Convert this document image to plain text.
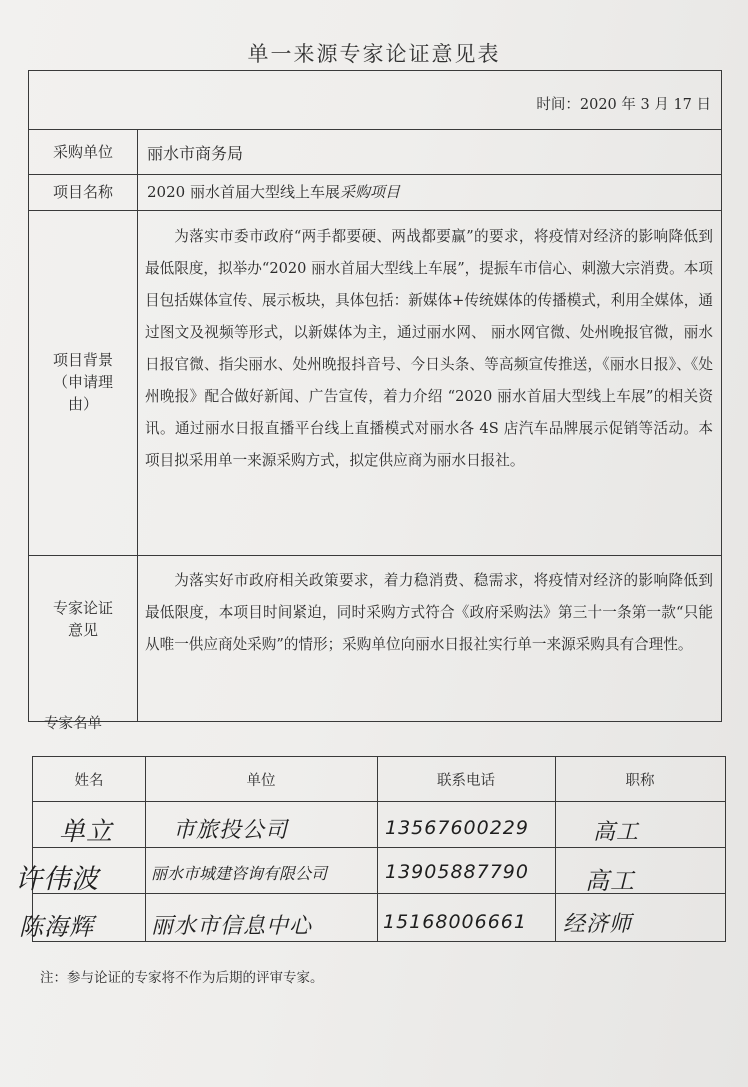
单一来源专家论证意见表
时间：2020 年 3 月 17 日
采购单位	丽水市商务局
项目名称	2020 丽水首届大型线上车展采购项目
项目背景（申请理由）
为落实市委市政府“两手都要硬、两战都要赢”的要求，将疫情对经济的影响降低到最低限度，拟举办“2020 丽水首届大型线上车展”，提振车市信心、刺激大宗消费。本项目包括媒体宣传、展示板块，具体包括：新媒体+传统媒体的传播模式，利用全媒体，通过图文及视频等形式，以新媒体为主，通过丽水网、 丽水网官微、处州晚报官微，丽水日报官微、指尖丽水、处州晚报抖音号、今日头条、等高频宣传推送，《丽水日报》、《处州晚报》配合做好新闻、广告宣传，着力介绍 “2020 丽水首届大型线上车展”的相关资讯。通过丽水日报直播平台线上直播模式对丽水各 4S 店汽车品牌展示促销等活动。本项目拟采用单一来源采购方式，拟定供应商为丽水日报社。
专家论证意见
为落实好市政府相关政策要求，着力稳消费、稳需求，将疫情对经济的影响降低到最低限度，本项目时间紧迫，同时采购方式符合《政府采购法》第三十一条第一款“只能从唯一供应商处采购”的情形；采购单位向丽水日报社实行单一来源采购具有合理性。
专家名单
姓名	单位	联系电话	职称
单立	市旅投公司	13567600229	高工
许伟波	丽水市城建咨询有限公司	13905887790 高工
陈海辉	丽水市信息中心	15168006661 经济师
注：参与论证的专家将不作为后期的评审专家。
